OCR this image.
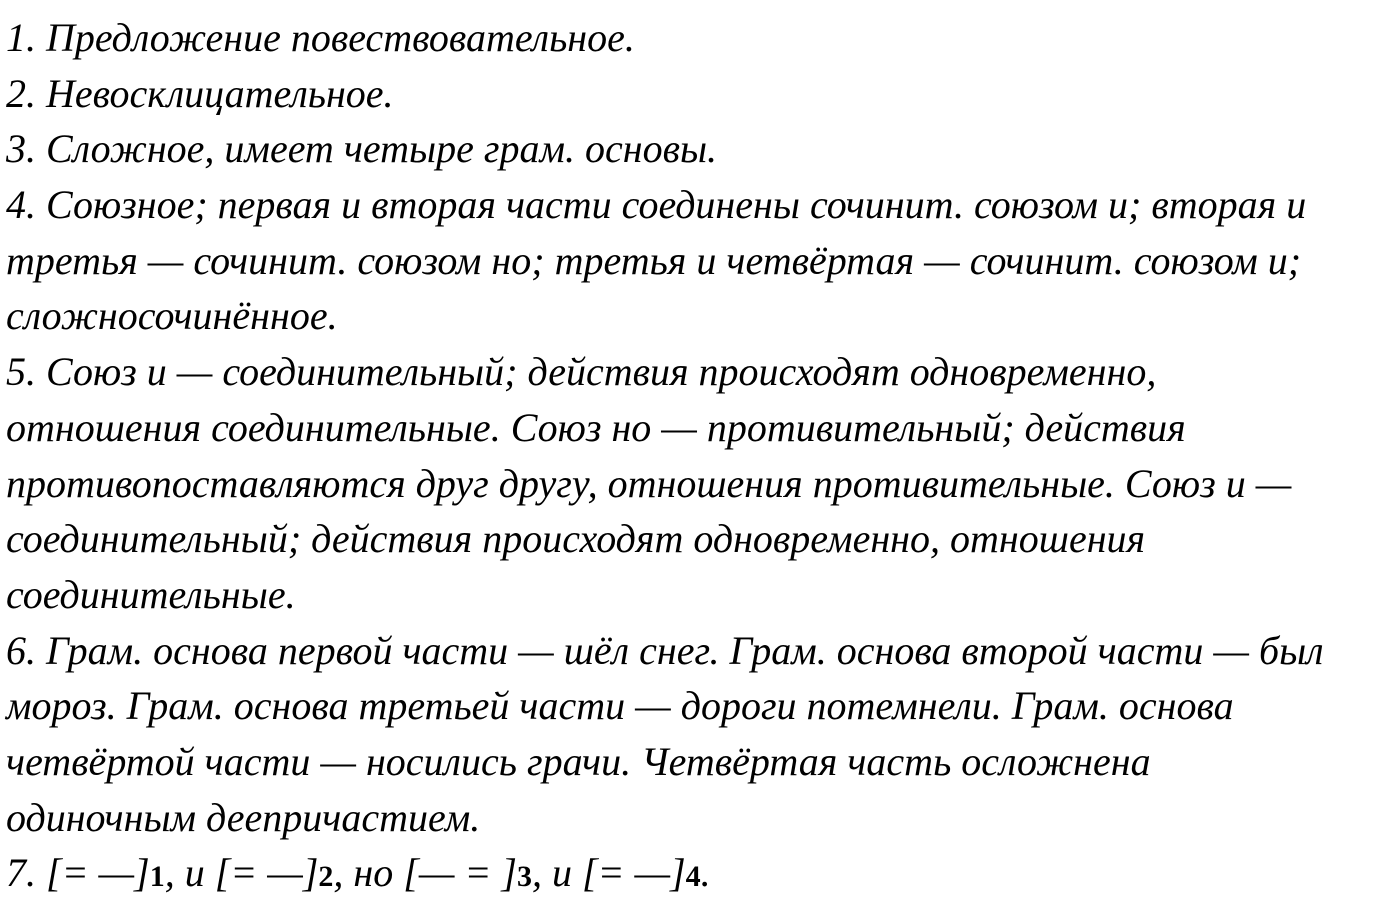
1. Предложение повествовательное.
2. Невосклицательное.
3. Сложное, имеет четыре грам. основы.
4. Союзное; первая и вторая части соединены сочинит. союзом и; вторая и
третья — сочинит. союзом но; третья и четвёртая — сочинит. союзом и;
сложносочинённое.
5. Союз и — соединительный; действия происходят одновременно,
отношения соединительные. Союз но — противительный; действия
противопоставляются друг другу, отношения противительные. Союз и —
соединительный; действия происходят одновременно, отношения
соединительные.
6. Грам. основа первой части — шёл снег. Грам. основа второй части — был
мороз. Грам. основа третьей части — дороги потемнели. Грам. основа
четвёртой части — носились грачи. Четвёртая часть осложнена
одиночным деепричастием.
7. [= —]1, и [= —]2, но [— = ]3, и [= —]4.
